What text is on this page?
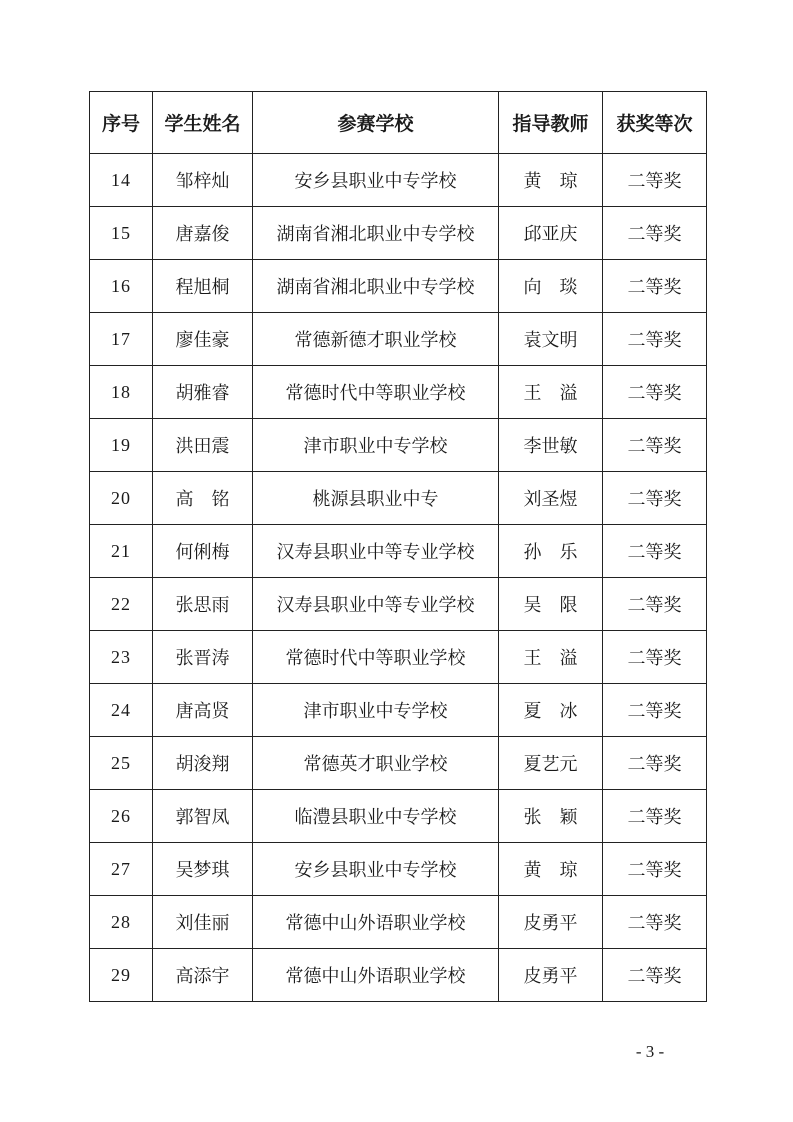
序号	学生姓名	参赛学校	指导教师	获奖等次
14	邹梓灿	安乡县职业中专学校	黄　琼	二等奖
15	唐嘉俊	湖南省湘北职业中专学校	邱亚庆	二等奖
16	程旭桐	湖南省湘北职业中专学校	向　琰	二等奖
17	廖佳豪	常德新德才职业学校	袁文明	二等奖
18	胡雅睿	常德时代中等职业学校	王　溢	二等奖
19	洪田震	津市职业中专学校	李世敏	二等奖
20	高　铭	桃源县职业中专	刘圣煜	二等奖
21	何俐梅	汉寿县职业中等专业学校	孙　乐	二等奖
22	张思雨	汉寿县职业中等专业学校	吴　限	二等奖
23	张晋涛	常德时代中等职业学校	王　溢	二等奖
24	唐高贤	津市职业中专学校	夏　冰	二等奖
25	胡浚翔	常德英才职业学校	夏艺元	二等奖
26	郭智凤	临澧县职业中专学校	张　颖	二等奖
27	吴梦琪	安乡县职业中专学校	黄　琼	二等奖
28	刘佳丽	常德中山外语职业学校	皮勇平	二等奖
29	高添宇	常德中山外语职业学校	皮勇平	二等奖
- 3 -
